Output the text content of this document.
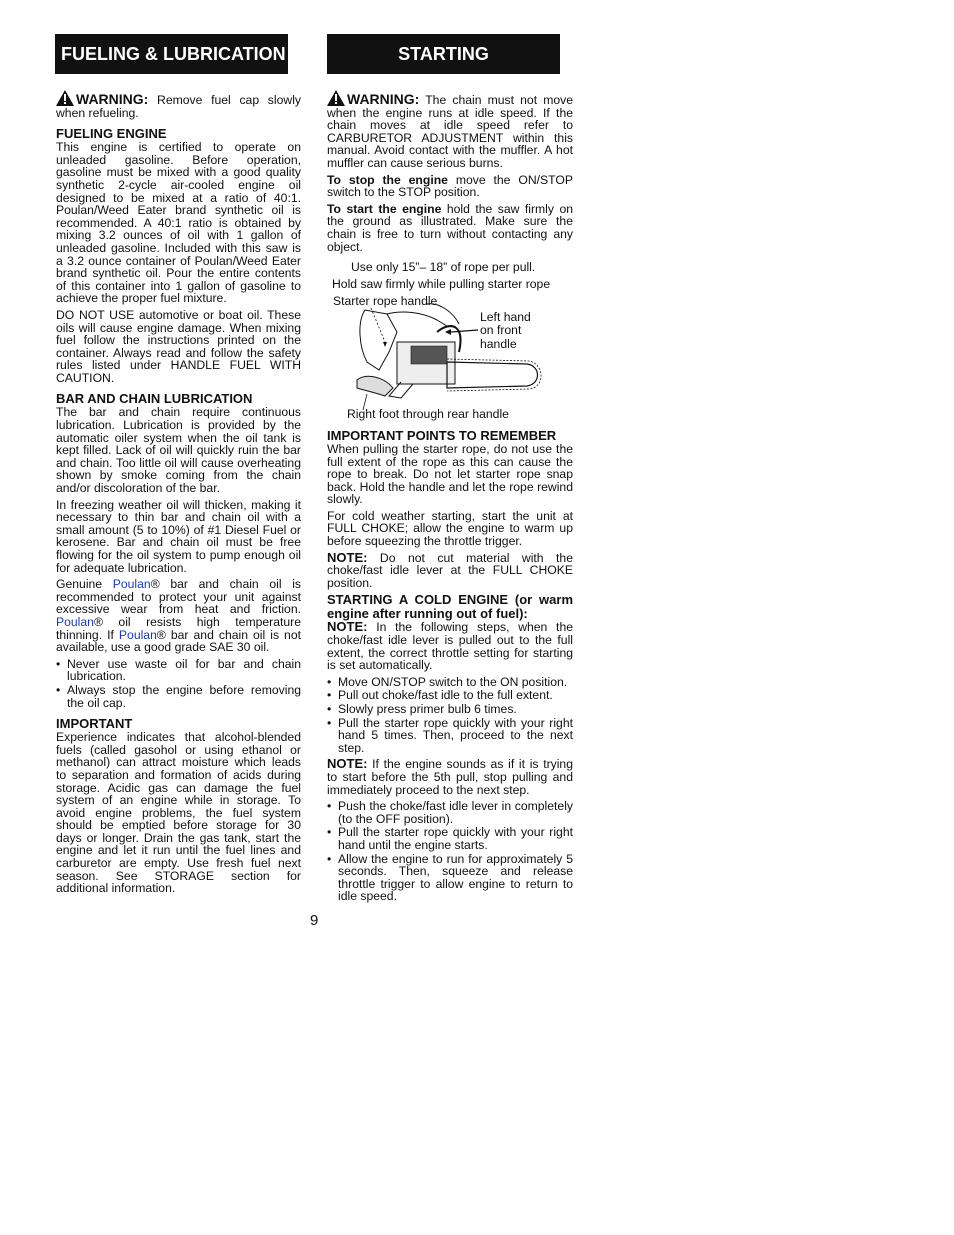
FUELING & LUBRICATION

WARNING: Remove fuel cap slowly when refueling.

FUELING ENGINE

This engine is certified to operate on unleaded gasoline. Before operation, gasoline must be mixed with a good quality synthetic 2-cycle air-cooled engine oil designed to be mixed at a ratio of 40:1. Poulan/Weed Eater brand synthetic oil is recommended. A 40:1 ratio is obtained by mixing 3.2 ounces of oil with 1 gallon of unleaded gasoline. Included with this saw is a 3.2 ounce container of Poulan/Weed Eater brand synthetic oil. Pour the entire contents of this container into 1 gallon of gasoline to achieve the proper fuel mixture.

DO NOT USE automotive or boat oil. These oils will cause engine damage. When mixing fuel follow the instructions printed on the container. Always read and follow the safety rules listed under HANDLE FUEL WITH CAUTION.

BAR AND CHAIN LUBRICATION

The bar and chain require continuous lubrication. Lubrication is provided by the automatic oiler system when the oil tank is kept filled. Lack of oil will quickly ruin the bar and chain. Too little oil will cause overheating shown by smoke coming from the chain and/or discoloration of the bar.

In freezing weather oil will thicken, making it necessary to thin bar and chain oil with a small amount (5 to 10%) of #1 Diesel Fuel or kerosene. Bar and chain oil must be free flowing for the oil system to pump enough oil for adequate lubrication.

Genuine Poulan® bar and chain oil is recommended to protect your unit against excessive wear from heat and friction. Poulan® oil resists high temperature thinning. If Poulan® bar and chain oil is not available, use a good grade SAE 30 oil.

• Never use waste oil for bar and chain lubrication.
• Always stop the engine before removing the oil cap.
IMPORTANT

Experience indicates that alcohol-blended fuels (called gasohol or using ethanol or methanol) can attract moisture which leads to separation and formation of acids during storage. Acidic gas can damage the fuel system of an engine while in storage. To avoid engine problems, the fuel system should be emptied before storage for 30 days or longer. Drain the gas tank, start the engine and let it run until the fuel lines and carburetor are empty. Use fresh fuel next season. See STORAGE section for additional information.

STARTING

WARNING: The chain must not move when the engine runs at idle speed. If the chain moves at idle speed refer to CARBURETOR ADJUSTMENT within this manual. Avoid contact with the muffler. A hot muffler can cause serious burns.

To stop the engine move the ON/STOP switch to the STOP position.

To start the engine hold the saw firmly on the ground as illustrated. Make sure the chain is free to turn without contacting any object.

Use only 15”– 18” of rope per pull.
Hold saw firmly while pulling starter rope
Starter rope handle
Left hand
on front
handle
Right foot through rear handle
IMPORTANT POINTS TO REMEMBER

When pulling the starter rope, do not use the full extent of the rope as this can cause the rope to break. Do not let starter rope snap back. Hold the handle and let the rope rewind slowly.

For cold weather starting, start the unit at FULL CHOKE; allow the engine to warm up before squeezing the throttle trigger.

NOTE: Do not cut material with the choke/fast idle lever at the FULL CHOKE position.

STARTING A COLD ENGINE (or warm engine after running out of fuel):

NOTE: In the following steps, when the choke/fast idle lever is pulled out to the full extent, the correct throttle setting for starting is set automatically.

• Move ON/STOP switch to the ON position.
• Pull out choke/fast idle to the full extent.
• Slowly press primer bulb 6 times.
• Pull the starter rope quickly with your right hand 5 times. Then, proceed to the next step.

NOTE: If the engine sounds as if it is trying to start before the 5th pull, stop pulling and immediately proceed to the next step.

• Push the choke/fast idle lever in completely (to the OFF position).
• Pull the starter rope quickly with your right hand until the engine starts.
• Allow the engine to run for approximately 5 seconds. Then, squeeze and release throttle trigger to allow engine to return to idle speed.
9
